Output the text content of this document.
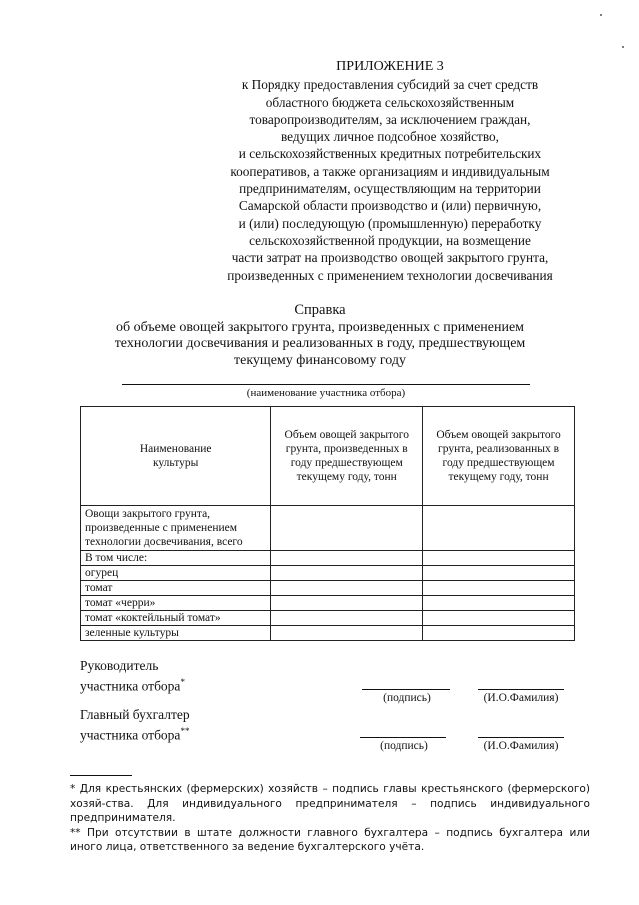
ПРИЛОЖЕНИЕ 3
к Порядку предоставления субсидий за счет средств
областного бюджета сельскохозяйственным
товаропроизводителям, за исключением граждан,
ведущих личное подсобное хозяйство,
и сельскохозяйственных кредитных потребительских
кооперативов, а также организациям и индивидуальным
предпринимателям, осуществляющим на территории
Самарской области производство и (или) первичную,
и (или) последующую (промышленную) переработку
сельскохозяйственной продукции, на возмещение
части затрат на производство овощей закрытого грунта,
произведенных с применением технологии досвечивания
Справка
об объеме овощей закрытого грунта, произведенных с применением
технологии досвечивания и реализованных в году, предшествующем
текущему финансовому году
(наименование участника отбора)
Наименование культуры	Объем овощей закрытого грунта, произведенных в году предшествующем текущему году, тонн	Объем овощей закрытого грунта, реализованных в году предшествующем текущему году, тонн

Овощи закрытого грунта, произведенные с применением технологии досвечивания, всего		
В том числе:		
огурец		
томат		
томат «черри»		
томат «коктейльный томат»		
зеленные культуры		
Руководитель
участника отбора*
(подпись)	(И.О.Фамилия)
Главный бухгалтер
участника отбора**
(подпись)	(И.О.Фамилия)
* Для крестьянских (фермерских) хозяйств – подпись главы крестьянского (фермерского) хозяй-ства. Для индивидуального предпринимателя – подпись индивидуального предпринимателя.
** При отсутствии в штате должности главного бухгалтера – подпись бухгалтера или иного лица, ответственного за ведение бухгалтерского учёта.
